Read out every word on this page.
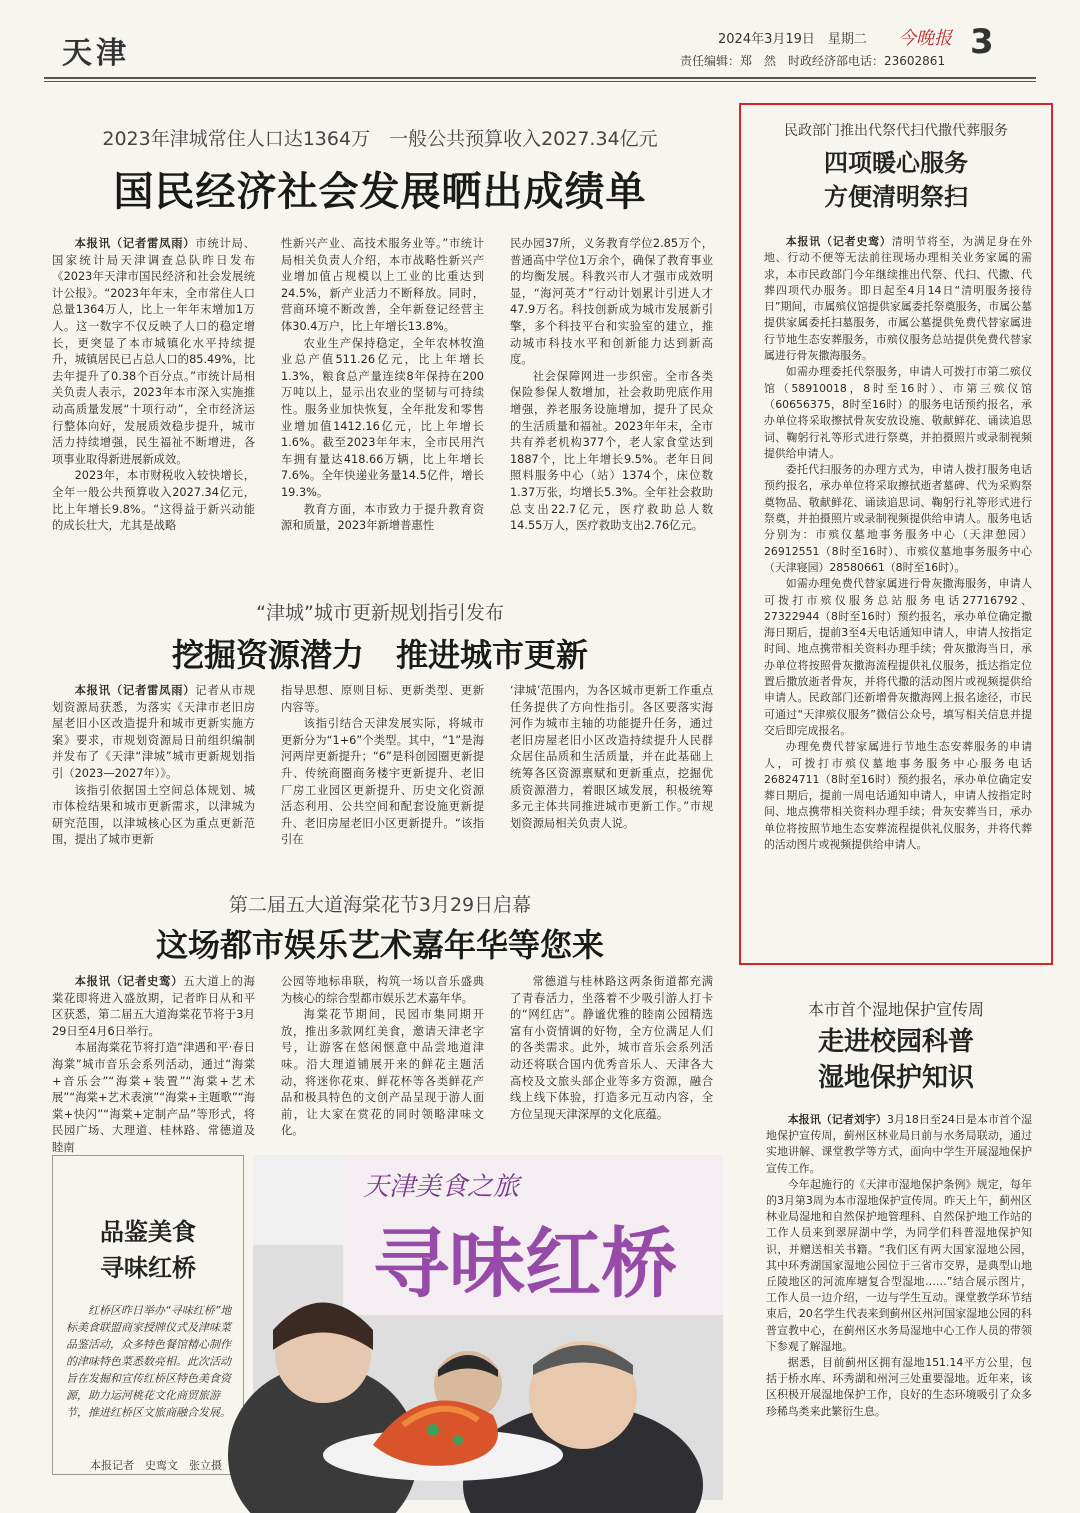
天津	2024年3月19日　星期二 今晚报 3
责任编辑：郑　然　时政经济部电话：23602861
2023年津城常住人口达1364万　一般公共预算收入2027.34亿元
国民经济社会发展晒出成绩单

本报讯（记者雷凤雨）市统计局、国家统计局天津调查总队昨日发布《2023年天津市国民经济和社会发展统计公报》。“2023年年末，全市常住人口总量1364万人，比上一年年末增加1万人。这一数字不仅反映了人口的稳定增长，更突显了本市城镇化水平持续提升，城镇居民已占总人口的85.49%，比去年提升了0.38个百分点。”市统计局相关负责人表示，2023年本市深入实施推动高质量发展“十项行动”，全市经济运行整体向好，发展质效稳步提升，城市活力持续增强，民生福祉不断增进，各项事业取得新进展新成效。

2023年，本市财税收入较快增长，全年一般公共预算收入2027.34亿元，比上年增长9.8%。“这得益于新兴动能的成长壮大，尤其是战略

性新兴产业、高技术服务业等。”市统计局相关负责人介绍，本市战略性新兴产业增加值占规模以上工业的比重达到24.5%，新产业活力不断释放。同时，营商环境不断改善，全年新登记经营主体30.4万户，比上年增长13.8%。

农业生产保持稳定，全年农林牧渔业总产值511.26亿元，比上年增长1.3%，粮食总产量连续8年保持在200万吨以上，显示出农业的坚韧与可持续性。服务业加快恢复，全年批发和零售业增加值1412.16亿元，比上年增长1.6%。截至2023年年末，全市民用汽车拥有量达418.66万辆，比上年增长7.6%。全年快递业务量14.5亿件，增长19.3%。

教育方面，本市致力于提升教育资源和质量，2023年新增普惠性

民办园37所，义务教育学位2.85万个，普通高中学位1万余个，确保了教育事业的均衡发展。科教兴市人才强市成效明显，“海河英才”行动计划累计引进人才47.9万名。科技创新成为城市发展新引擎，多个科技平台和实验室的建立，推动城市科技水平和创新能力达到新高度。

社会保障网进一步织密。全市各类保险参保人数增加，社会救助兜底作用增强，养老服务设施增加，提升了民众的生活质量和福祉。2023年年末，全市共有养老机构377个，老人家食堂达到1887个，比上年增长9.5%。老年日间照料服务中心（站）1374个，床位数1.37万张，均增长5.3%。全年社会救助总支出22.7亿元，医疗救助总人数14.55万人，医疗救助支出2.76亿元。

“津城”城市更新规划指引发布
挖掘资源潜力　推进城市更新

本报讯（记者雷凤雨）记者从市规划资源局获悉，为落实《天津市老旧房屋老旧小区改造提升和城市更新实施方案》要求，市规划资源局日前组织编制并发布了《天津“津城”城市更新规划指引（2023—2027年）》。

该指引依据国土空间总体规划、城市体检结果和城市更新需求，以津城为研究范围，以津城核心区为重点更新范围，提出了城市更新

指导思想、原则目标、更新类型、更新内容等。

该指引结合天津发展实际，将城市更新分为“1+6”个类型。其中，“1”是海河两岸更新提升；“6”是科创园圈更新提升、传统商圈商务楼宇更新提升、老旧厂房工业园区更新提升、历史文化资源活态利用、公共空间和配套设施更新提升、老旧房屋老旧小区更新提升。“该指引在

‘津城’范围内，为各区城市更新工作重点任务提供了方向性指引。各区要落实海河作为城市主轴的功能提升任务，通过老旧房屋老旧小区改造持续提升人民群众居住品质和生活质量，并在此基础上统筹各区资源禀赋和更新重点，挖掘优质资源潜力，着眼区域发展，积极统筹多元主体共同推进城市更新工作。”市规划资源局相关负责人说。

第二届五大道海棠花节3月29日启幕
这场都市娱乐艺术嘉年华等您来

本报讯（记者史鸾）五大道上的海棠花即将进入盛放期，记者昨日从和平区获悉，第二届五大道海棠花节将于3月29日至4月6日举行。

本届海棠花节将打造“津遇和平·春日海棠”城市音乐会系列活动，通过“海棠+音乐会”“海棠+装置”“海棠+艺术展”“海棠+艺术表演”“海棠+主题歌”“海棠+快闪”“海棠+定制产品”等形式，将民园广场、大理道、桂林路、常德道及睦南

公园等地标串联，构筑一场以音乐盛典为核心的综合型都市娱乐艺术嘉年华。

海棠花节期间，民园市集同期开放，推出多款网红美食，邀请天津老字号，让游客在悠闲惬意中品尝地道津味。沿大理道铺展开来的鲜花主题活动，将迷你花束、鲜花杯等各类鲜花产品和极具特色的文创产品呈现于游人面前，让大家在赏花的同时领略津味文化。

常德道与桂林路这两条街道都充满了青春活力，坐落着不少吸引游人打卡的“网红店”。静谧优雅的睦南公园精选富有小资情调的好物，全方位满足人们的各类需求。此外，城市音乐会系列活动还将联合国内优秀音乐人、天津各大高校及文旅头部企业等多方资源，融合线上线下体验，打造多元互动内容，全方位呈现天津深厚的文化底蕴。

民政部门推出代祭代扫代撒代葬服务
四项暖心服务
方便清明祭扫

本报讯（记者史鸾）清明节将至，为满足身在外地、行动不便等无法前往现场办理相关业务家属的需求，本市民政部门今年继续推出代祭、代扫、代撒、代葬四项代办服务。即日起至4月14日“清明服务接待日”期间，市属殡仪馆提供家属委托祭奠服务，市属公墓提供家属委托扫墓服务，市属公墓提供免费代替家属进行节地生态安葬服务，市殡仪服务总站提供免费代替家属进行骨灰撒海服务。

如需办理委托代祭服务，申请人可拨打市第二殡仪馆（58910018，8时至16时）、市第三殡仪馆（60656375，8时至16时）的服务电话预约报名，承办单位将采取擦拭骨灰安放设施、敬献鲜花、诵读追思词、鞠躬行礼等形式进行祭奠，并拍摄照片或录制视频提供给申请人。

委托代扫服务的办理方式为，申请人拨打服务电话预约报名，承办单位将采取擦拭逝者墓碑、代为采购祭奠物品、敬献鲜花、诵读追思词、鞠躬行礼等形式进行祭奠，并拍摄照片或录制视频提供给申请人。服务电话分别为：市殡仪墓地事务服务中心（天津憩园）26912551（8时至16时）、市殡仪墓地事务服务中心（天津寝园）28580661（8时至16时）。

如需办理免费代替家属进行骨灰撒海服务，申请人可拨打市殡仪服务总站服务电话27716792、27322944（8时至16时）预约报名，承办单位确定撒海日期后，提前3至4天电话通知申请人，申请人按指定时间、地点携带相关资料办理手续；骨灰撒海当日，承办单位将按照骨灰撒海流程提供礼仪服务，抵达指定位置后撒放逝者骨灰，并将代撒的活动图片或视频提供给申请人。民政部门还新增骨灰撒海网上报名途径，市民可通过“天津殡仪服务”微信公众号，填写相关信息并提交后即完成报名。

办理免费代替家属进行节地生态安葬服务的申请人，可拨打市殡仪墓地事务服务中心服务电话26824711（8时至16时）预约报名，承办单位确定安葬日期后，提前一周电话通知申请人，申请人按指定时间、地点携带相关资料办理手续；骨灰安葬当日，承办单位将按照节地生态安葬流程提供礼仪服务，并将代葬的活动图片或视频提供给申请人。

本市首个湿地保护宣传周
走进校园科普
湿地保护知识

本报讯（记者刘宇）3月18日至24日是本市首个湿地保护宣传周，蓟州区林业局日前与水务局联动，通过实地讲解、课堂教学等方式，面向中学生开展湿地保护宣传工作。

今年起施行的《天津市湿地保护条例》规定，每年的3月第3周为本市湿地保护宣传周。昨天上午，蓟州区林业局湿地和自然保护地管理科、自然保护地工作站的工作人员来到翠屏湖中学，为同学们科普湿地保护知识，并赠送相关书籍。“我们区有两大国家湿地公园，其中环秀湖国家湿地公园位于三省市交界，是典型山地丘陵地区的河流库塘复合型湿地……”结合展示图片，工作人员一边介绍，一边与学生互动。课堂教学环节结束后，20名学生代表来到蓟州区州河国家湿地公园的科普宣教中心，在蓟州区水务局湿地中心工作人员的带领下参观了解湿地。

据悉，目前蓟州区拥有湿地151.14平方公里，包括于桥水库、环秀湖和州河三处重要湿地。近年来，该区积极开展湿地保护工作，良好的生态环境吸引了众多珍稀鸟类来此繁衍生息。

品鉴美食
寻味红桥
红桥区昨日举办“寻味红桥”地标美食联盟商家授牌仪式及津味菜品鉴活动，众多特色餐馆精心制作的津味特色菜悉数亮相。此次活动旨在发掘和宣传红桥区特色美食资源，助力运河桃花文化商贸旅游节，推进红桥区文旅商融合发展。
本报记者　史鸾文　张立摄
天津美食之旅
寻味红桥
